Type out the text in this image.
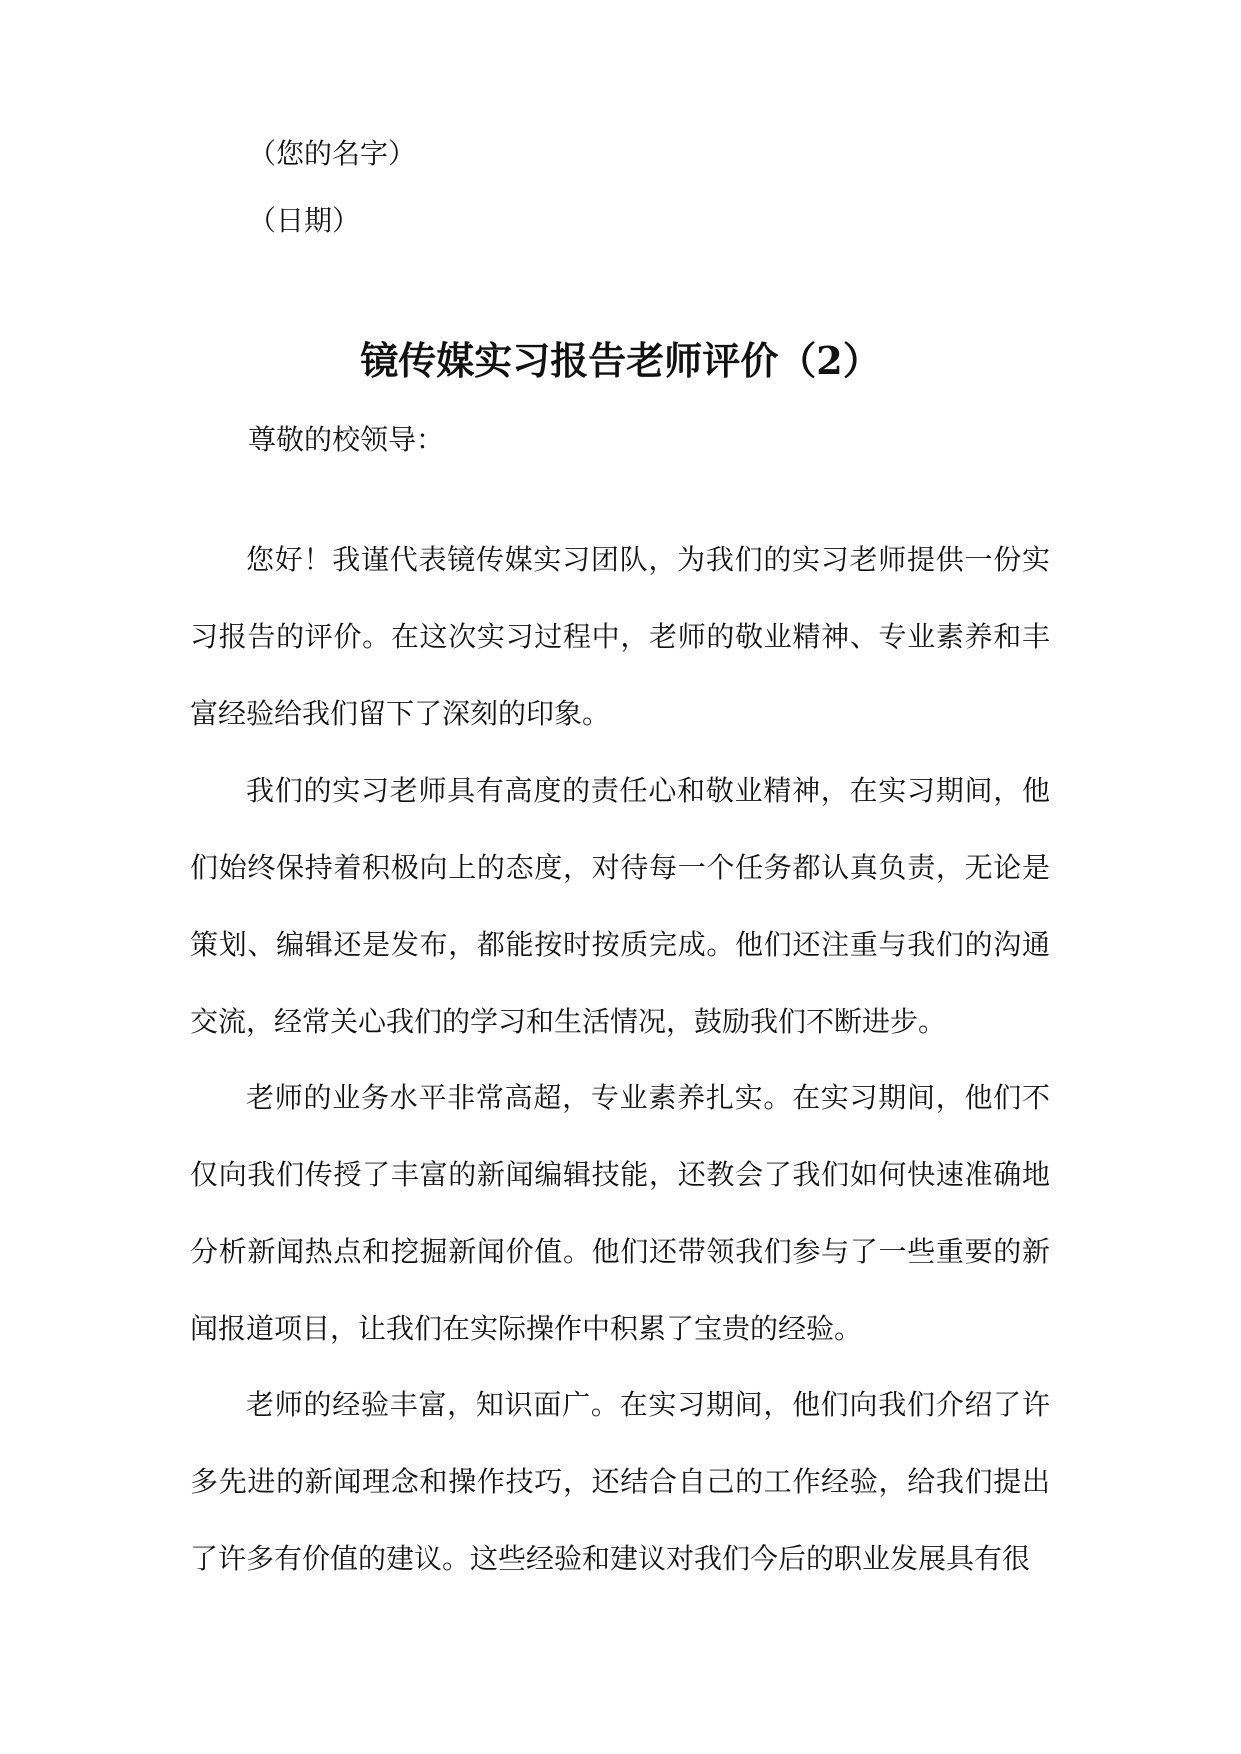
（您的名字）
（日期）
镜传媒实习报告老师评价（2）
尊敬的校领导：

您好！我谨代表镜传媒实习团队，为我们的实习老师提供一份实习报告的评价。在这次实习过程中，老师的敬业精神、专业素养和丰富经验给我们留下了深刻的印象。

我们的实习老师具有高度的责任心和敬业精神，在实习期间，他们始终保持着积极向上的态度，对待每一个任务都认真负责，无论是策划、编辑还是发布，都能按时按质完成。他们还注重与我们的沟通交流，经常关心我们的学习和生活情况，鼓励我们不断进步。

老师的业务水平非常高超，专业素养扎实。在实习期间，他们不仅向我们传授了丰富的新闻编辑技能，还教会了我们如何快速准确地分析新闻热点和挖掘新闻价值。他们还带领我们参与了一些重要的新闻报道项目，让我们在实际操作中积累了宝贵的经验。

老师的经验丰富，知识面广。在实习期间，他们向我们介绍了许多先进的新闻理念和操作技巧，还结合自己的工作经验，给我们提出了许多有价值的建议。这些经验和建议对我们今后的职业发展具有很
